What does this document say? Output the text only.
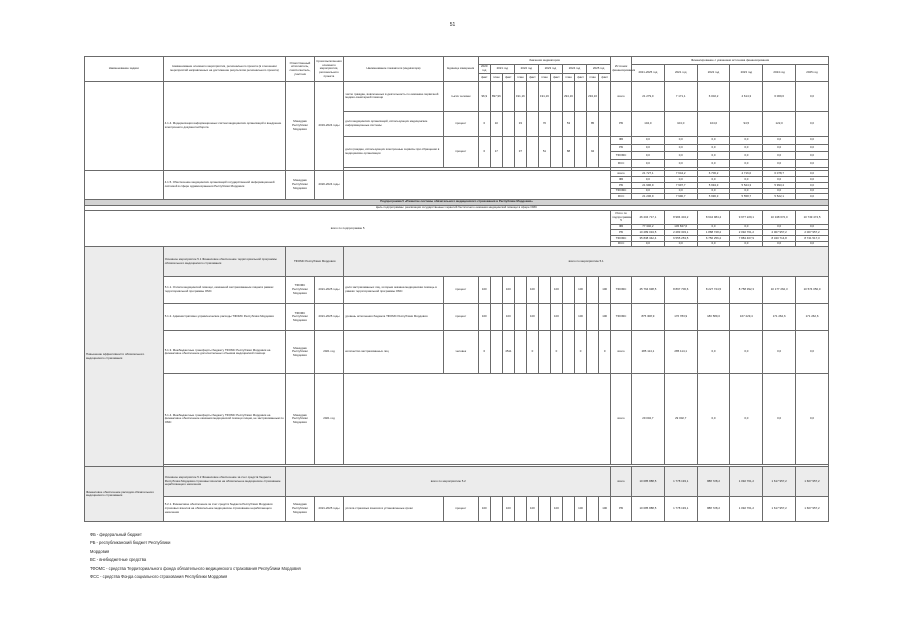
51
Наименование задачи	Наименование основного мероприятия, регионального проекта (в отношении мероприятий направленных на достижение результатов регионального проекта)	Ответственный исполнитель, соисполнитель, участник	Сроки выполнения основного мероприятия, регионального проекта	Наименование показателя (индикатора)	Единица измерения	Значения индикаторов											Источник финансирования	Финансирование с указанием источника финансирования					
						2020 год	2021 год		2022 год		2023 год		2024 год		2025 год			2021-2025 год	2021 год	2022 год	2023 год	2024 год	2025 год
						факт	план	факт	план	факт	план	факт	план	факт	план	факт							
	4.1.4. Модернизация информационных систем медицинских организаций и внедрение электронного документооборота	Минздрав Республики Мордовия	2019-2024 годы	число граждан, вовлеченных в деятельность по оказанию первичной медико-санитарной помощи	тысяч человек	96,9	897,96		191,16		191,16		294,16		294,16		всего	21 279,0	7 171,1	6 002,2	4 614,3	6 069,6	0,0
				доля медицинских организаций, использующих медицинские информационные системы	процент	0	10		33		70		53		85		РБ	104,0	104,0	104,0	94,5	122,0	0,0
				доля граждан, использующих электронные сервисы при обращении в медицинские организации	процент	0	17		37		51		88		94		ФБ	0,0	0,0	0,0	0,0	0,0	0,0
																	РБ	0,0	0,0	0,0	0,0	0,0	0,0
																	ТФОМС	0,0	0,0	0,0	0,0	0,0	0,0
																	ФСС	0,0	0,0	0,0	0,0	0,0	0,0

	4.1.5. Обеспечение медицинских организаций государственной информационной системой в сфере здравоохранения Республики Мордовия	Минздрав Республики Мордовия	2020-2024 годы														всего	21 727,1	7 644,2	6 706,2	4 716,0	6 078,7	0,0
																	ФБ	0,0	0,0	0,0	0,0	0,0	0,0
																	РБ	21 996,9	7 997,7	5 994,3	5 524,3	5 993,4	0,0
																	ТФОМС	0,0	0,0	0,0	0,0	0,0	0,0
																	ФСС	21 206,9	7 990,7	5 996,3	5 558,7	5 522,1	0,0
Подпрограмма 5 «Развитие системы обязательного медицинского страхования в Республике Мордовия»																							
Цель подпрограммы: реализация государственных гарантий бесплатного оказания медицинской помощи в сфере ОМС																							
всего по подпрограмме 5																	Итого по подпрограмме 5	46 204 717,1	8 984 404,2	8 644 984,4	9 977 229,1	10 348 672,0	10 749 474,5
																	ФБ	77 340,2	145 847,6	0,0	0,0	0,0	0,0
																	РБ	10 289 034,5	2 283 303,1	1 888 728,2	2 092 761,2	2 007 957,2	2 007 957,2
																	ТФОМС	35 838 342,4	6 555 253,5	6 756 256,2	7 884 467,9	8 340 714,8	8 741 517,3
																	ФСС	0,0	0,0	0,0	0,0	0,0	0,0
Повышение эффективности обязательного медицинского страхования	Основное мероприятие 5.1 Финансовое обеспечение территориальной программы обязательного медицинского страхования	ТФОМС Республики Мордовия		всего по мероприятию 5.1																			
	5.1.1. Оплата медицинской помощи, оказанной застрахованным лицам в рамках территориальной программы ОМС	ТФОМС Республики Мордовия	2021-2025 годы	доля застрахованных лиц, которым оказана медицинская помощь в рамках территориальной программы ОМС	процент	100		100		100		100		100		100	ТФОМС	45 764 938,5	8 897 706,6	8 227 724,5	8 758 392,3	10 177 262,3	10 574 050,0
	5.1.2. Административно-управленческие расходы ТФОМС Республики Мордовия	ТФОМС Республики Мордовия	2021-2025 годы	уровень исполнения бюджета ТФОМС Республики Мордовия	процент	100		100		100		100		100		100	ТФОМС	875 308,9	176 783,9	180 589,0	167 229,4	171 262,6	171 262,6
	5.1.3. Межбюджетные трансферты бюджету ТФОМС Республики Мордовия на финансовое обеспечение дополнительных объемов медицинской помощи	Минздрав Республики Мордовия	2021 год	количество застрахованных лиц	человек	0		4511		0		0		0		0	всего	285 114,1	285 114,1	0,0	0,0	0,0	0,0
	5.1.4. Межбюджетные трансферты бюджету ТФОМС Республики Мордовия на финансовое обеспечение оказания медицинской помощи лицам, не застрахованным по ОМС	Минздрав Республики Мордовия	2021 год														всего	29 002,7	29 002,7	0,0	0,0	0,0	0,0

Финансовое обеспечение расходов обязательного медицинского страхования	Основное мероприятие 5.2 Финансовое обеспечение за счет средств бюджета Республики Мордовия страховых взносов на обязательное медицинское страхование неработающего населения	всего по мероприятию 5.2															всего	10 085 888,5	1 778 193,1	888 728,2	1 092 761,2	1 617 957,2	1 607 957,2
	5.2.1. Финансовое обеспечение за счет средств бюджета Республики Мордовия страховых взносов на обязательное медицинское страхование неработающего населения	Минздрав Республики Мордовия	2021-2025 годы	уплата страховых взносов в установленные сроки	процент	100		100		100		100		100		100	РБ	10 085 888,5	1 778 193,1	888 728,2	1 092 761,2	1 617 957,2	1 607 957,2
ФБ - федеральный бюджет
РБ - республиканский бюджет Республики
Мордовия
ВС - внебюджетные средства
ТФОМС - средства Территориального фонда обязательного медицинского страхования Республики Мордовия
ФСС - средства Фонда социального страхования Республики Мордовия
